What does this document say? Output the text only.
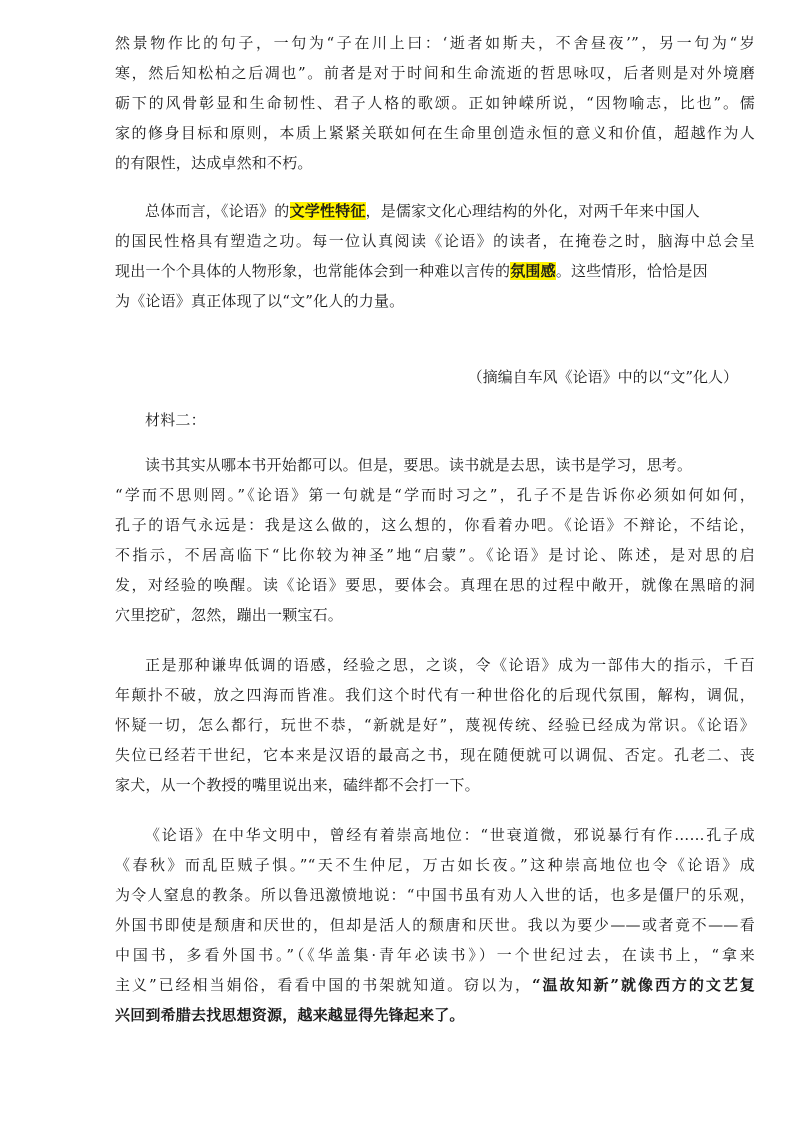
然景物作比的句子，一句为“子在川上曰：‘逝者如斯夫，不舍昼夜’”，另一句为“岁
寒，然后知松柏之后凋也”。前者是对于时间和生命流逝的哲思咏叹，后者则是对外境磨
砺下的风骨彰显和生命韧性、君子人格的歌颂。正如钟嵘所说，“因物喻志，比也”。儒
家的修身目标和原则，本质上紧紧关联如何在生命里创造永恒的意义和价值，超越作为人
的有限性，达成卓然和不朽。
总体而言，《论语》的文学性特征，是儒家文化心理结构的外化，对两千年来中国人
的国民性格具有塑造之功。每一位认真阅读《论语》的读者，在掩卷之时，脑海中总会呈
现出一个个具体的人物形象，也常能体会到一种难以言传的氛围感。这些情形，恰恰是因
为《论语》真正体现了以“文”化人的力量。
（摘编自车风《论语》中的以“文”化人）
材料二：
读书其实从哪本书开始都可以。但是，要思。读书就是去思，读书是学习，思考。
“学而不思则罔。”《论语》第一句就是“学而时习之”，孔子不是告诉你必须如何如何，
孔子的语气永远是：我是这么做的，这么想的，你看着办吧。《论语》不辩论，不结论，
不指示，不居高临下“比你较为神圣”地“启蒙”。《论语》是讨论、陈述，是对思的启
发，对经验的唤醒。读《论语》要思，要体会。真理在思的过程中敞开，就像在黑暗的洞
穴里挖矿，忽然，蹦出一颗宝石。
正是那种谦卑低调的语感，经验之思，之谈，令《论语》成为一部伟大的指示，千百
年颠扑不破，放之四海而皆准。我们这个时代有一种世俗化的后现代氛围，解构，调侃，
怀疑一切，怎么都行，玩世不恭，“新就是好”，蔑视传统、经验已经成为常识。《论语》
失位已经若干世纪，它本来是汉语的最高之书，现在随便就可以调侃、否定。孔老二、丧
家犬，从一个教授的嘴里说出来，磕绊都不会打一下。
《论语》在中华文明中，曾经有着崇高地位：“世衰道微，邪说暴行有作……孔子成
《春秋》而乱臣贼子惧。”“天不生仲尼，万古如长夜。”这种崇高地位也令《论语》成
为令人窒息的教条。所以鲁迅激愤地说：“中国书虽有劝人入世的话，也多是僵尸的乐观，
外国书即使是颓唐和厌世的，但却是活人的颓唐和厌世。我以为要少——或者竟不——看
中国书，多看外国书。”（《华盖集·青年必读书》）一个世纪过去，在读书上，“拿来
主义”已经相当娟俗，看看中国的书架就知道。窃以为，“温故知新”就像西方的文艺复
兴回到希腊去找思想资源，越来越显得先锋起来了。
